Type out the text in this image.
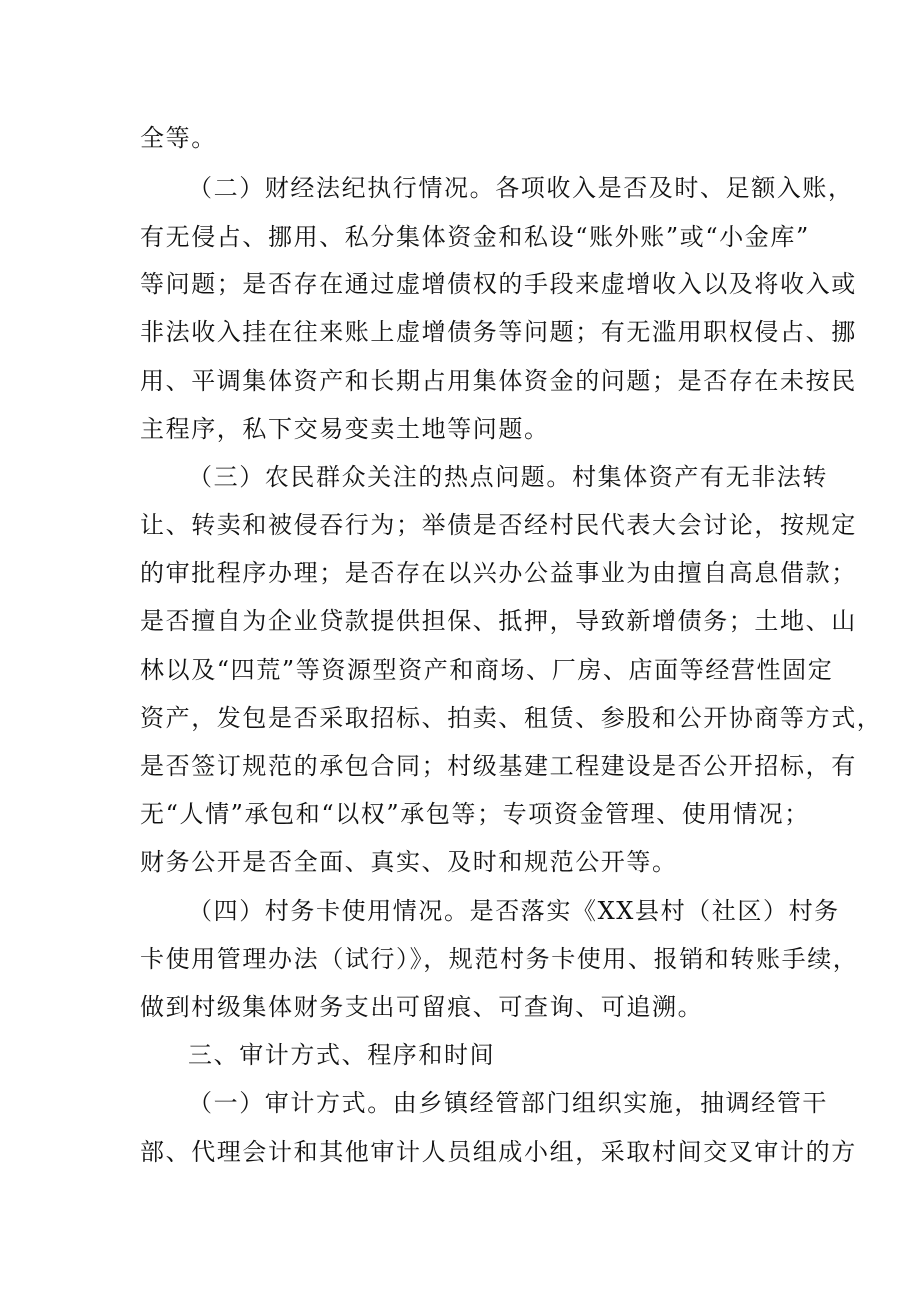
全等。
（二）财经法纪执行情况。各项收入是否及时、足额入账，
有无侵占、挪用、私分集体资金和私设“账外账”或“小金库”
等问题；是否存在通过虚增债权的手段来虚增收入以及将收入或
非法收入挂在往来账上虚增债务等问题；有无滥用职权侵占、挪
用、平调集体资产和长期占用集体资金的问题；是否存在未按民
主程序，私下交易变卖土地等问题。
（三）农民群众关注的热点问题。村集体资产有无非法转
让、转卖和被侵吞行为；举债是否经村民代表大会讨论，按规定
的审批程序办理；是否存在以兴办公益事业为由擅自高息借款；
是否擅自为企业贷款提供担保、抵押，导致新增债务；土地、山
林以及“四荒”等资源型资产和商场、厂房、店面等经营性固定
资产，发包是否采取招标、拍卖、租赁、参股和公开协商等方式，
是否签订规范的承包合同；村级基建工程建设是否公开招标，有
无“人情”承包和“以权”承包等；专项资金管理、使用情况；
财务公开是否全面、真实、及时和规范公开等。
（四）村务卡使用情况。是否落实《XX县村（社区）村务
卡使用管理办法（试行）》，规范村务卡使用、报销和转账手续，
做到村级集体财务支出可留痕、可查询、可追溯。
三、审计方式、程序和时间
（一）审计方式。由乡镇经管部门组织实施，抽调经管干
部、代理会计和其他审计人员组成小组，采取村间交叉审计的方
